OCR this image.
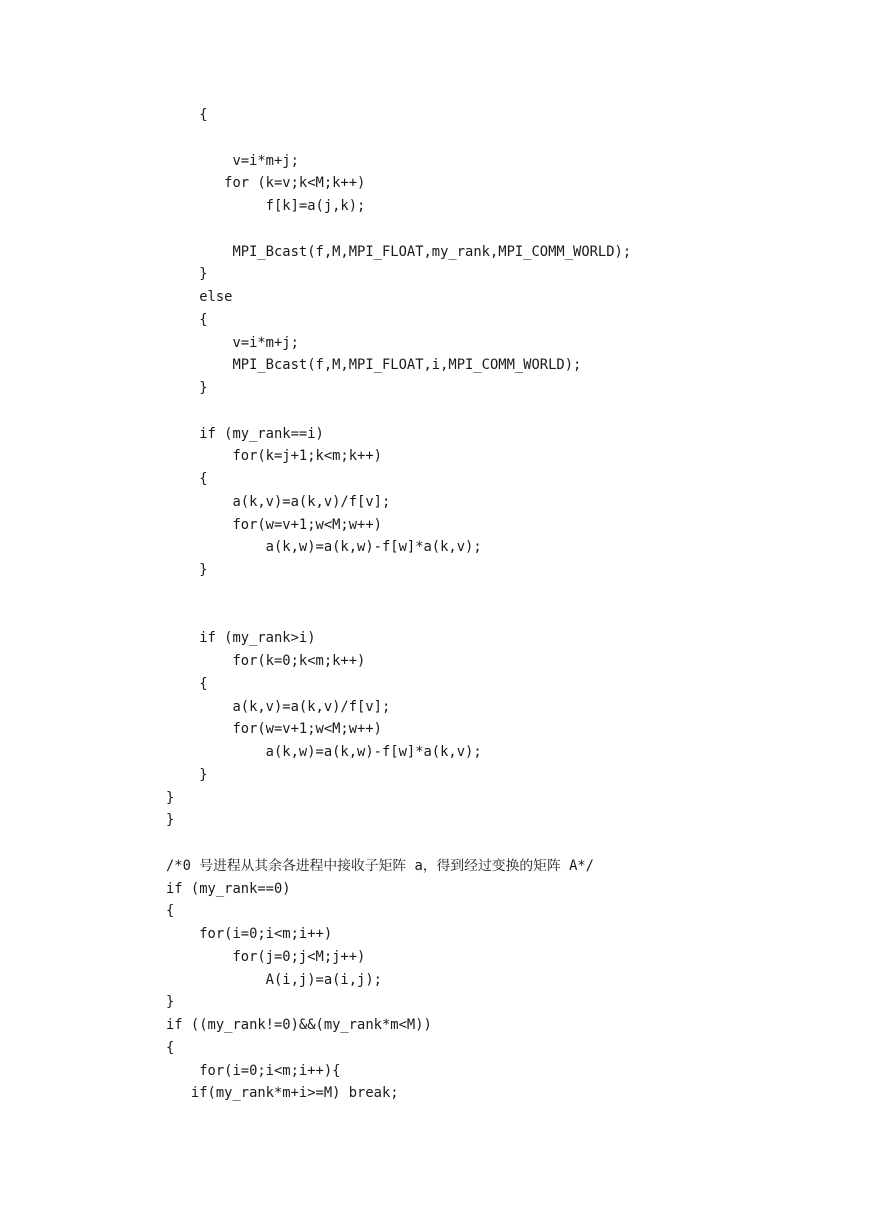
{
v=i*m+j;
for (k=v;k<M;k++)
f[k]=a(j,k);
MPI_Bcast(f,M,MPI_FLOAT,my_rank,MPI_COMM_WORLD);
}
else
{
v=i*m+j;
MPI_Bcast(f,M,MPI_FLOAT,i,MPI_COMM_WORLD);
}
if (my_rank==i)
for(k=j+1;k<m;k++)
{
a(k,v)=a(k,v)/f[v];
for(w=v+1;w<M;w++)
a(k,w)=a(k,w)-f[w]*a(k,v);
}
if (my_rank>i)
for(k=0;k<m;k++)
{
a(k,v)=a(k,v)/f[v];
for(w=v+1;w<M;w++)
a(k,w)=a(k,w)-f[w]*a(k,v);
}
}
}
/*0 号进程从其余各进程中接收子矩阵 a，得到经过变换的矩阵 A*/
if (my_rank==0)
{
for(i=0;i<m;i++)
for(j=0;j<M;j++)
A(i,j)=a(i,j);
}
if ((my_rank!=0)&&(my_rank*m<M))
{
for(i=0;i<m;i++){
if(my_rank*m+i>=M) break;
